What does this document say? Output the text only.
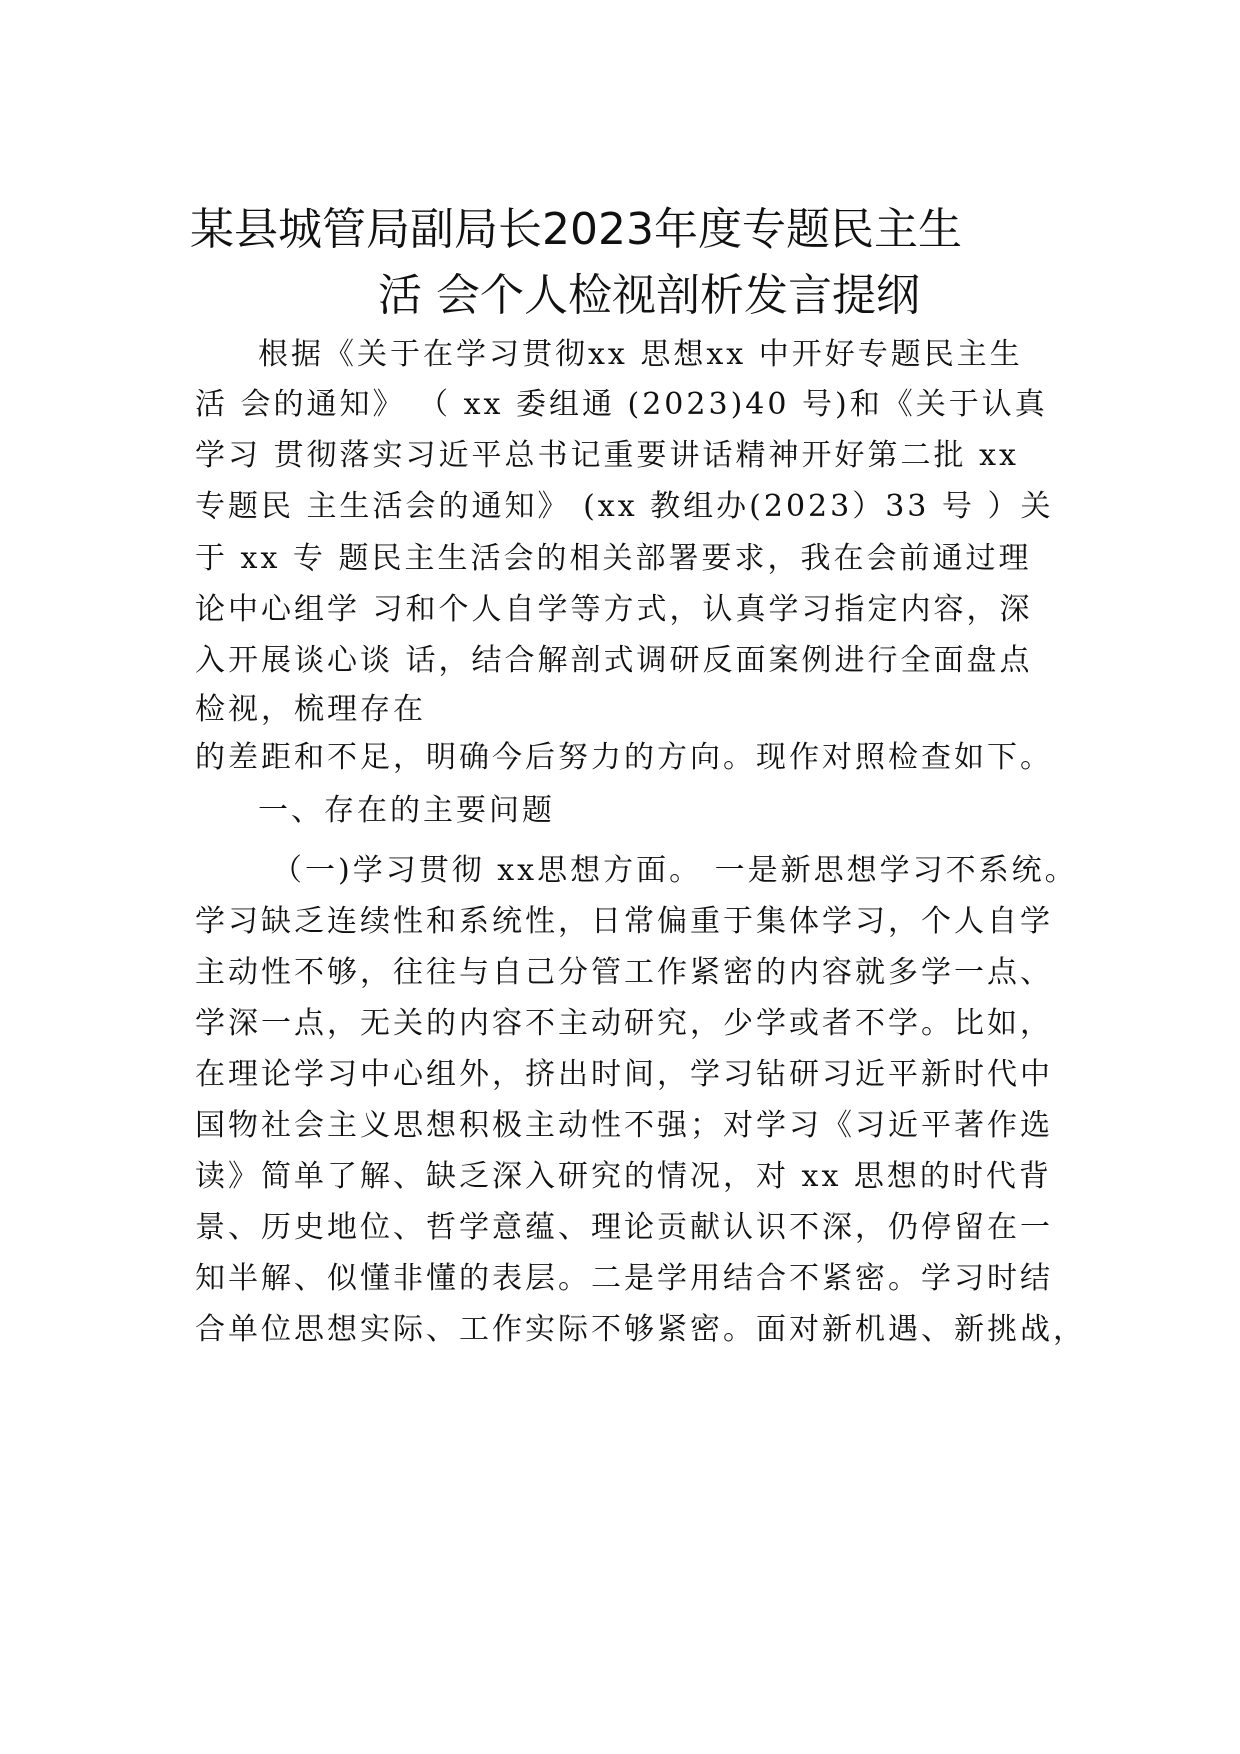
某县城管局副局长2023年度专题民主生
活 会个人检视剖析发言提纲
根据《关于在学习贯彻xx 思想xx 中开好专题民主生
活 会的通知》 （ xx 委组通 (2023)40 号)和《关于认真
学习 贯彻落实习近平总书记重要讲话精神开好第二批 xx
专题民 主生活会的通知》 (xx 教组办(2023）33 号 ）关
于 xx 专 题民主生活会的相关部署要求，我在会前通过理
论中心组学 习和个人自学等方式，认真学习指定内容，深
入开展谈心谈 话，结合解剖式调研反面案例进行全面盘点
检视，梳理存在
的差距和不足，明确今后努力的方向。现作对照检查如下。
一、存在的主要问题
（一)学习贯彻 xx思想方面。 一是新思想学习不系统。
学习缺乏连续性和系统性，日常偏重于集体学习，个人自学
主动性不够，往往与自己分管工作紧密的内容就多学一点、
学深一点，无关的内容不主动研究，少学或者不学。比如，
在理论学习中心组外，挤出时间，学习钻研习近平新时代中
国物社会主义思想积极主动性不强；对学习《习近平著作选
读》简单了解、缺乏深入研究的情况，对 xx 思想的时代背
景、历史地位、哲学意蕴、理论贡献认识不深，仍停留在一
知半解、似懂非懂的表层。二是学用结合不紧密。学习时结
合单位思想实际、工作实际不够紧密。面对新机遇、新挑战，
